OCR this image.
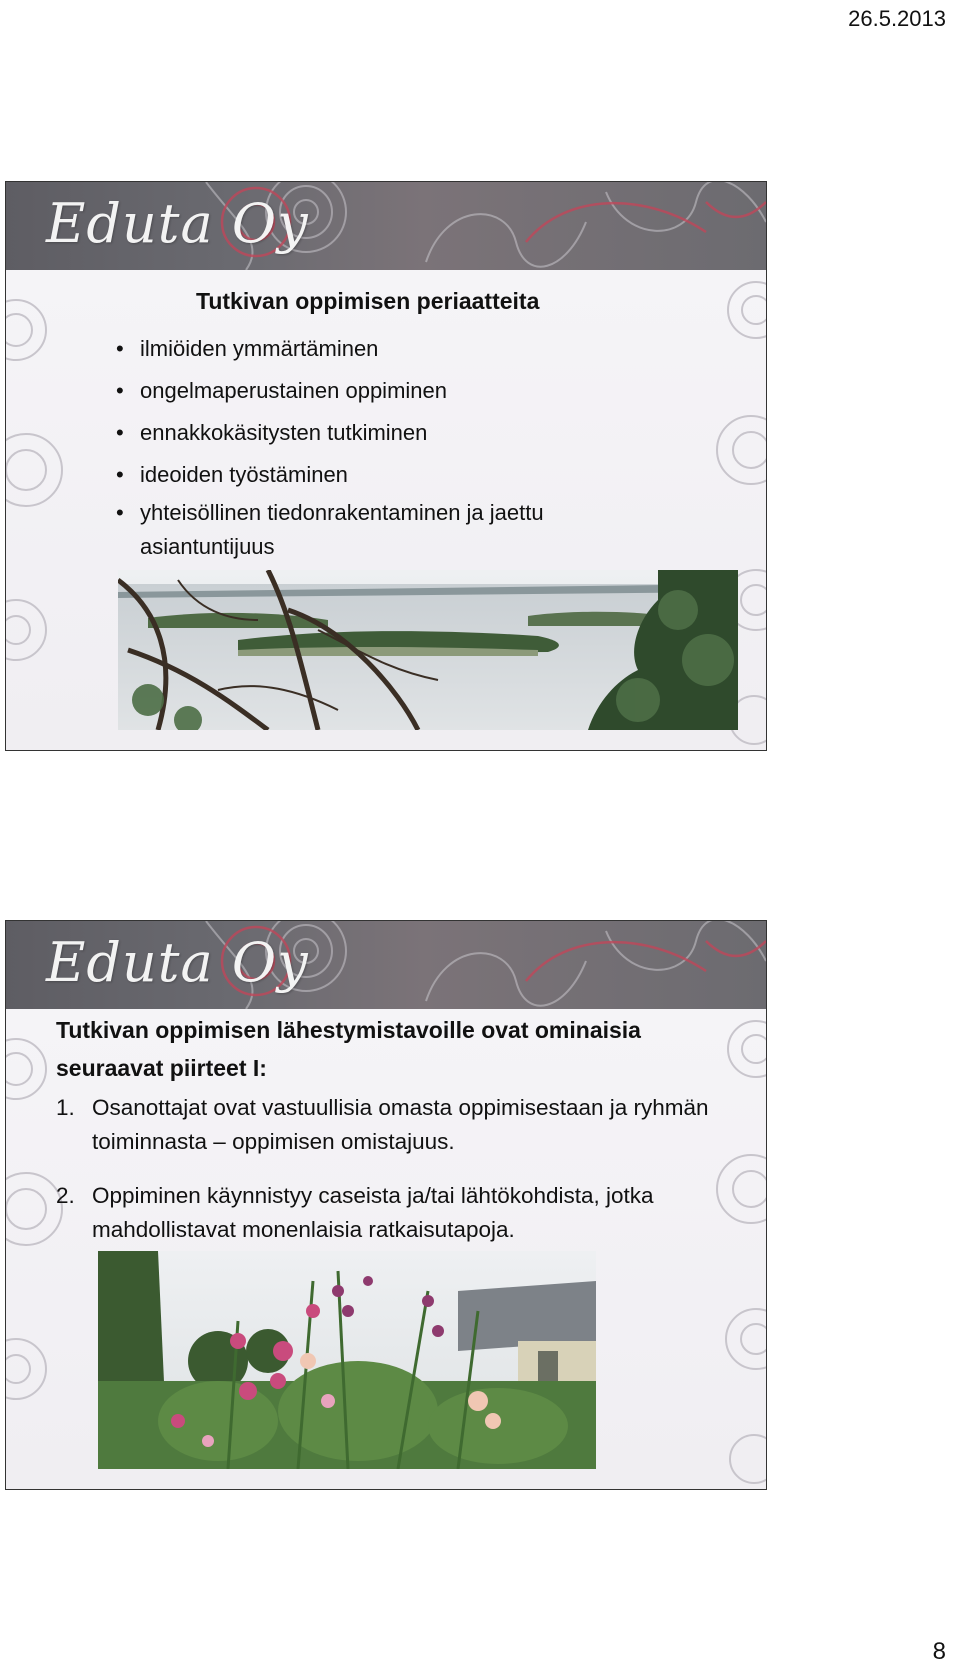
26.5.2013
Eduta Oy
Tutkivan oppimisen periaatteita
• ilmiöiden ymmärtäminen
• ongelmaperustainen oppiminen
• ennakkokäsitysten tutkiminen
• ideoiden työstäminen
• yhteisöllinen tiedonrakentaminen ja jaettu asiantuntijuus
Eduta Oy
Tutkivan oppimisen lähestymistavoille ovat ominaisia seuraavat piirteet I:
1. Osanottajat ovat vastuullisia omasta oppimisestaan ja ryhmän toiminnasta – oppimisen omistajuus.
2. Oppiminen käynnistyy caseista ja/tai lähtökohdista, jotka mahdollistavat monenlaisia ratkaisutapoja.
8
